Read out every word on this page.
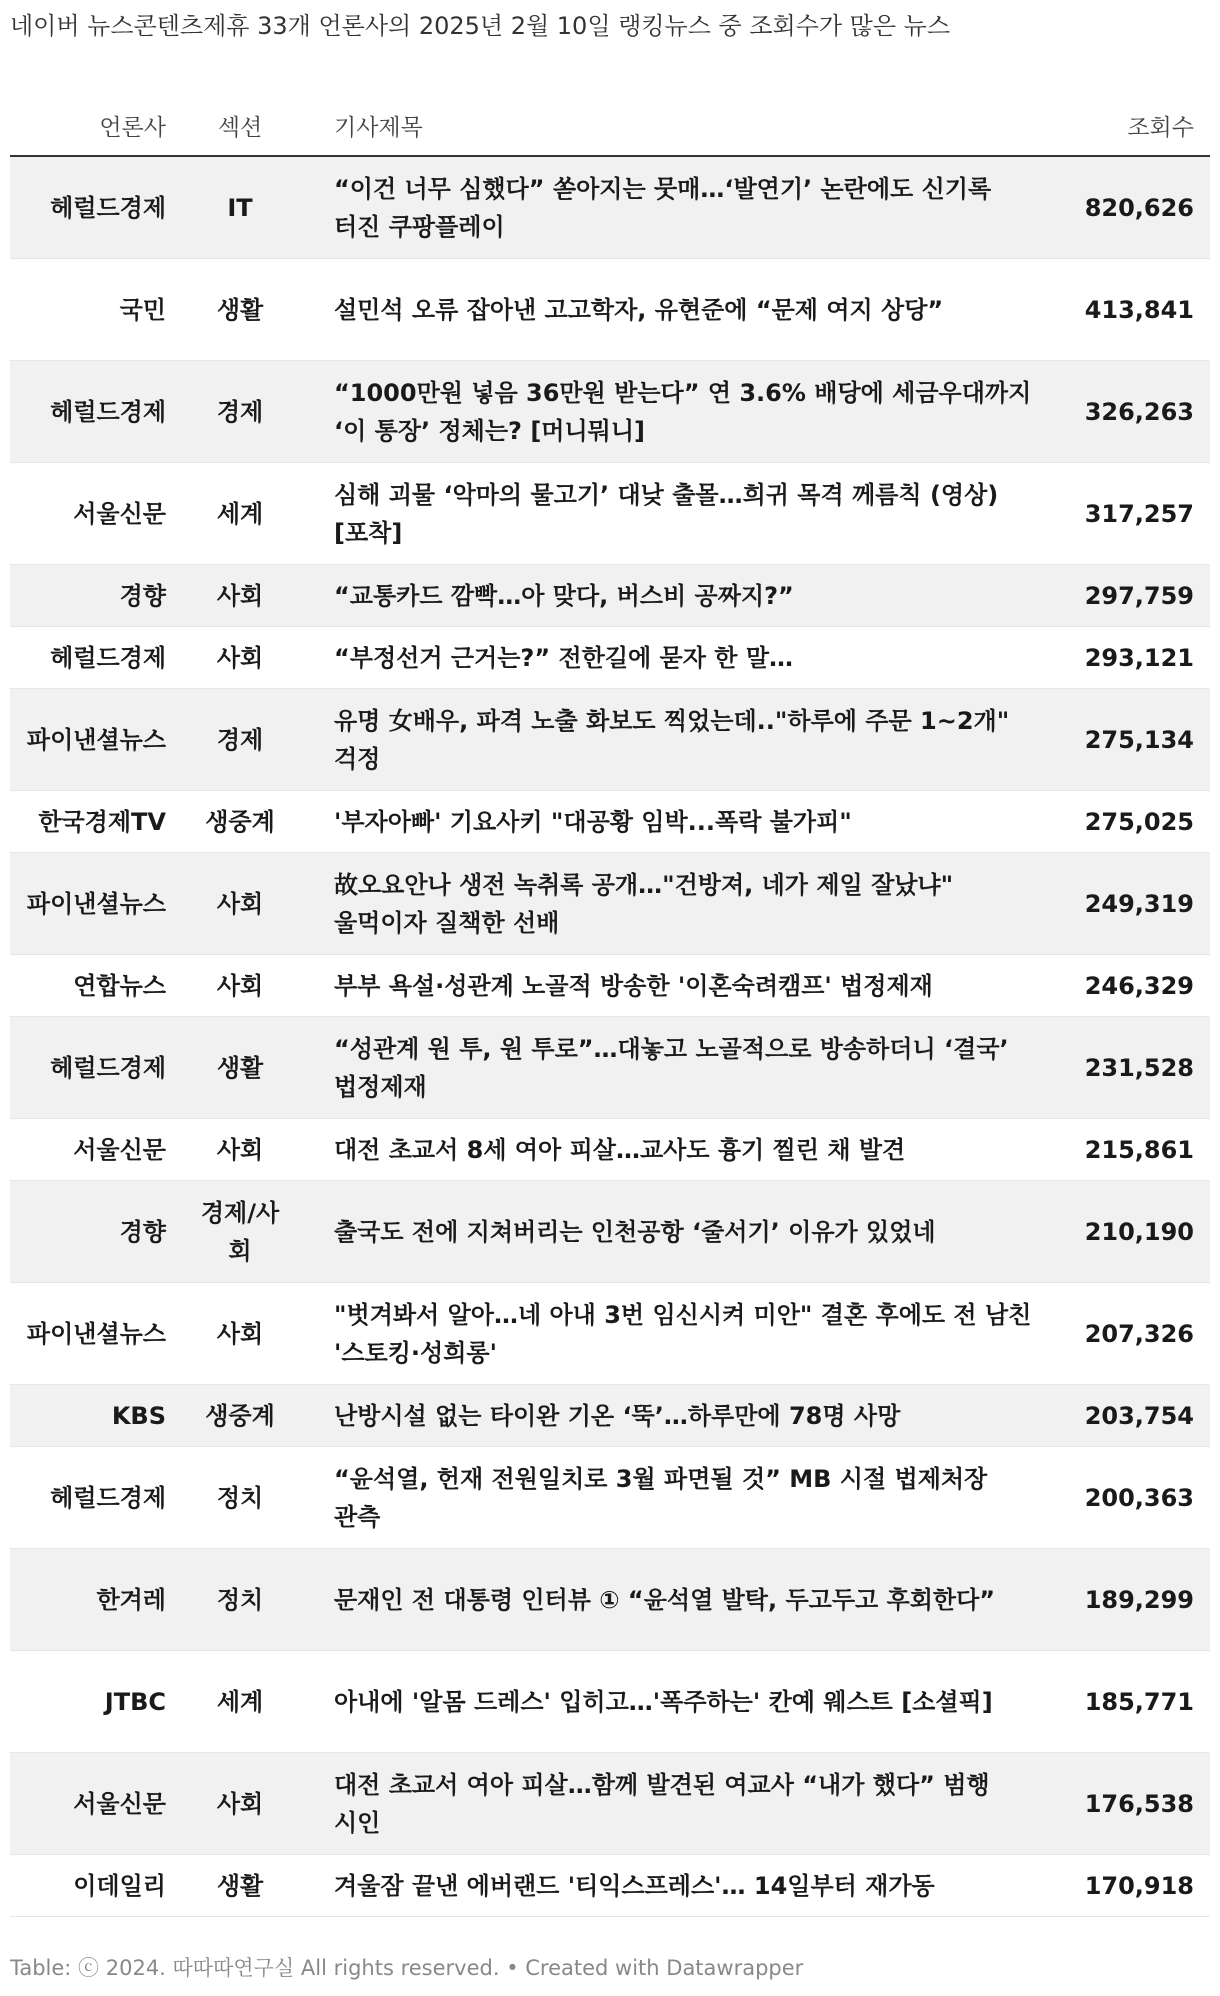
네이버 뉴스콘텐츠제휴 33개 언론사의 2025년 2월 10일 랭킹뉴스 중 조회수가 많은 뉴스
언론사	섹션	기사제목	조회수
헤럴드경제	IT	“이건 너무 심했다” 쏟아지는 뭇매…‘발연기’ 논란에도 신기록 터진 쿠팡플레이	820,626
국민	생활	설민석 오류 잡아낸 고고학자, 유현준에 “문제 여지 상당”	413,841
헤럴드경제	경제	“1000만원 넣음 36만원 받는다” 연 3.6% 배당에 세금우대까지 ‘이 통장’ 정체는? [머니뭐니]	326,263
서울신문	세계	심해 괴물 ‘악마의 물고기’ 대낮 출몰…희귀 목격 께름칙 (영상) [포착]	317,257
경향	사회	“교통카드 깜빡…아 맞다, 버스비 공짜지?”	297,759
헤럴드경제	사회	“부정선거 근거는?” 전한길에 묻자 한 말…	293,121
파이낸셜뉴스	경제	유명 女배우, 파격 노출 화보도 찍었는데.."하루에 주문 1~2개" 걱정	275,134
한국경제TV	생중계	'부자아빠' 기요사키 "대공황 임박...폭락 불가피"	275,025
파이낸셜뉴스	사회	故오요안나 생전 녹취록 공개…"건방져, 네가 제일 잘났냐" 울먹이자 질책한 선배	249,319
연합뉴스	사회	부부 욕설·성관계 노골적 방송한 '이혼숙려캠프' 법정제재	246,329
헤럴드경제	생활	“성관계 원 투, 원 투로”…대놓고 노골적으로 방송하더니 ‘결국’ 법정제재	231,528
서울신문	사회	대전 초교서 8세 여아 피살…교사도 흉기 찔린 채 발견	215,861
경향	경제/사회	출국도 전에 지쳐버리는 인천공항 ‘줄서기’ 이유가 있었네	210,190
파이낸셜뉴스	사회	"벗겨봐서 알아…네 아내 3번 임신시켜 미안" 결혼 후에도 전 남친 '스토킹·성희롱'	207,326
KBS	생중계	난방시설 없는 타이완 기온 ‘뚝’…하루만에 78명 사망	203,754
헤럴드경제	정치	“윤석열, 헌재 전원일치로 3월 파면될 것” MB 시절 법제처장 관측	200,363
한겨레	정치	문재인 전 대통령 인터뷰 ① “윤석열 발탁, 두고두고 후회한다”	189,299
JTBC	세계	아내에 '알몸 드레스' 입히고…'폭주하는' 칸예 웨스트 [소셜픽]	185,771
서울신문	사회	대전 초교서 여아 피살…함께 발견된 여교사 “내가 했다” 범행 시인	176,538
이데일리	생활	겨울잠 끝낸 에버랜드 '티익스프레스'… 14일부터 재가동	170,918
Table: ⓒ 2024. 따따따연구실 All rights reserved. • Created with Datawrapper
